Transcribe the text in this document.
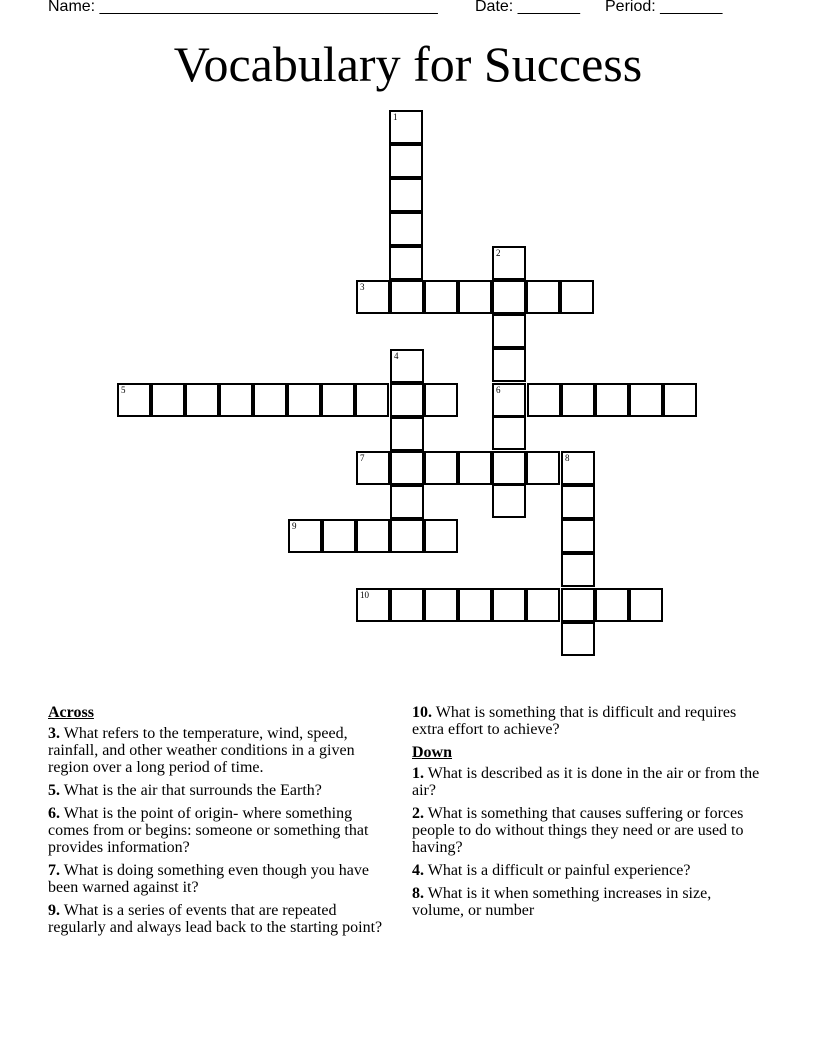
Name: ______________________________________ Date: _______ Period: _______
Vocabulary for Success
1
2
3
4
5	6
7	8
9
10
Across
3. What refers to the temperature, wind, speed, rainfall, and other weather conditions in a given region over a long period of time.
5. What is the air that surrounds the Earth?
6. What is the point of origin- where something comes from or begins: someone or something that provides information?
7. What is doing something even though you have been warned against it?
9. What is a series of events that are repeated regularly and always lead back to the starting point?
10. What is something that is difficult and requires extra effort to achieve?
Down
1. What is described as it is done in the air or from the air?
2. What is something that causes suffering or forces people to do without things they need or are used to having?
4. What is a difficult or painful experience?
8. What is it when something increases in size, volume, or number
